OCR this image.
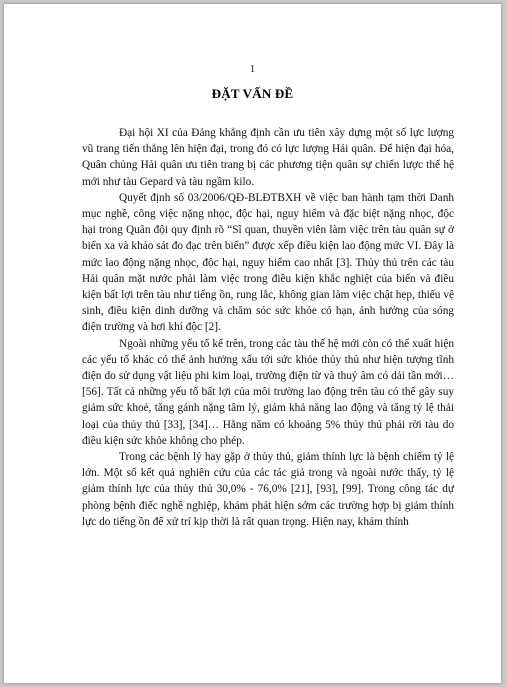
1
ĐẶT VẤN ĐỀ

Đại hội XI của Đảng khẳng định cần ưu tiên xây dựng một số lực lượng vũ trang tiến thẳng lên hiện đại, trong đó có lực lượng Hải quân. Để hiện đại hóa, Quân chủng Hải quân ưu tiên trang bị các phương tiện quân sự chiến lược thế hệ mới như tàu Gepard và tàu ngầm kilo.

Quyết định số 03/2006/QĐ-BLĐTBXH về việc ban hành tạm thời Danh mục nghề, công việc nặng nhọc, độc hại, nguy hiểm và đặc biệt nặng nhọc, độc hại trong Quân đội quy định rõ “Sĩ quan, thuyền viên làm việc trên tàu quân sự ở biển xa và khảo sát đo đạc trên biển” được xếp điều kiện lao động mức VI. Đây là mức lao động nặng nhọc, độc hại, nguy hiểm cao nhất [3]. Thủy thủ trên các tàu Hải quân mặt nước phải làm việc trong điều kiện khắc nghiệt của biển và điều kiện bất lợi trên tàu như tiếng ồn, rung lắc, không gian làm việc chật hẹp, thiếu vệ sinh, điều kiện dinh dưỡng và chăm sóc sức khỏe có hạn, ảnh hưởng của sóng điện trường và hơi khí độc [2].

Ngoài những yếu tố kể trên, trong các tàu thế hệ mới còn có thể xuất hiện các yếu tố khác có thể ảnh hưởng xấu tới sức khỏe thủy thủ như hiện tượng tĩnh điện do sử dụng vật liệu phi kim loại, trường điện từ và thuỷ âm có dải tần mới… [56]. Tất cả những yếu tố bất lợi của môi trường lao động trên tàu có thể gây suy giảm sức khoẻ, tăng gánh nặng tâm lý, giảm khả năng lao động và tăng tỷ lệ thải loại của thủy thủ [33], [34]… Hằng năm có khoảng 5% thủy thủ phải rời tàu do điều kiện sức khỏe không cho phép.

Trong các bệnh lý hay gặp ở thủy thủ, giảm thính lực là bệnh chiếm tỷ lệ lớn. Một số kết quả nghiên cứu của các tác giả trong và ngoài nước thấy, tỷ lệ giảm thính lực của thủy thủ 30,0% - 76,0% [21], [93], [99]. Trong công tác dự phòng bệnh điếc nghề nghiệp, khám phát hiện sớm các trường hợp bị giảm thính lực do tiếng ồn để xử trí kịp thời là rất quan trọng. Hiện nay, khám thính
